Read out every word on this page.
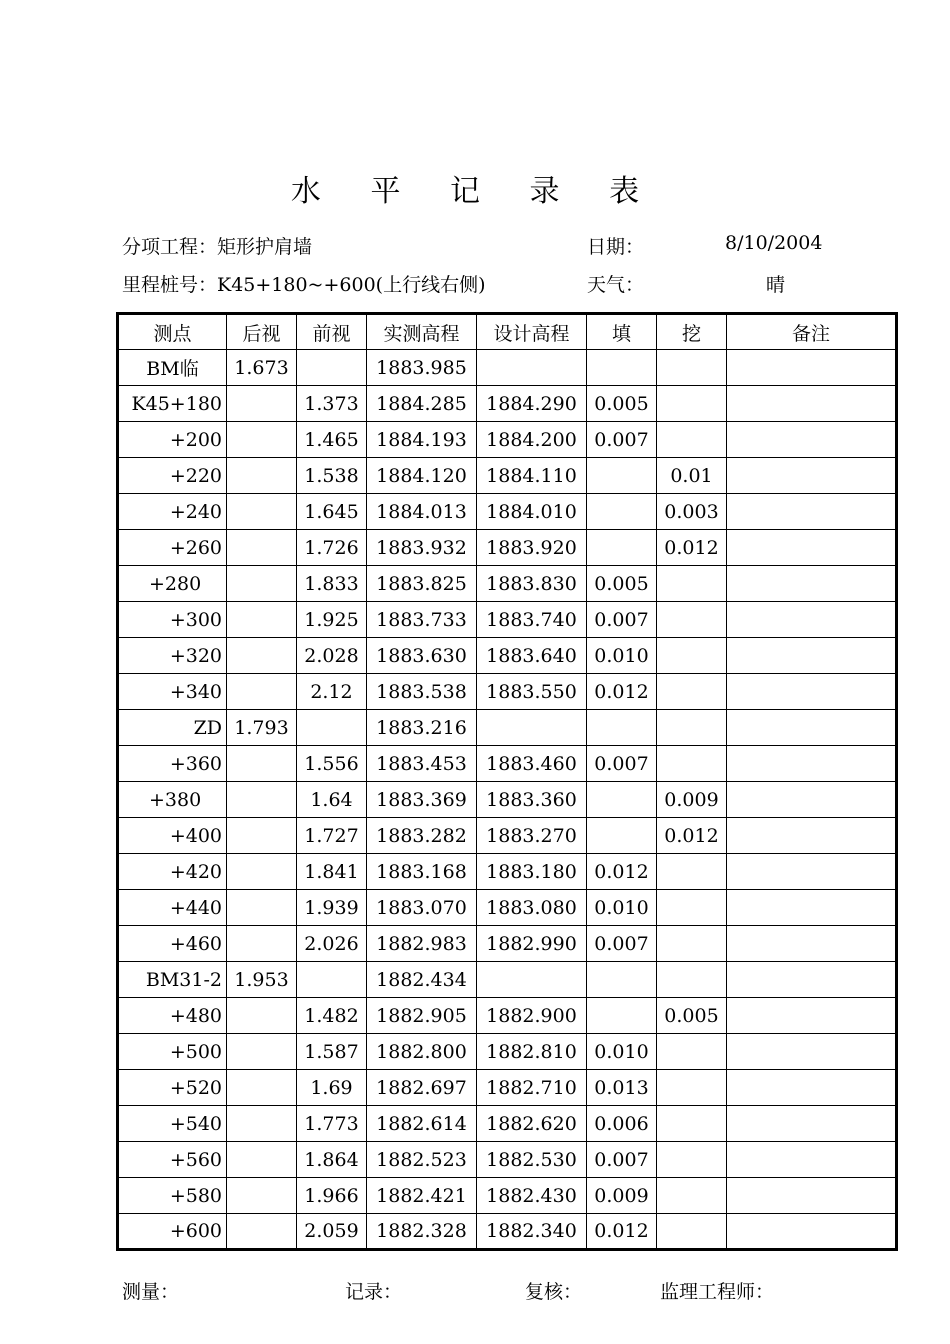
水 平 记 录 表
分项工程：矩形护肩墙	日期：	8/10/2004
里程桩号：K45+180~+600(上行线右侧)	天气：	晴
测点	后视	前视	实测高程	设计高程	填	挖	备注
BM临	1.673		1883.985				
K45+180		1.373	1884.285	1884.290	0.005		
+200		1.465	1884.193	1884.200	0.007		
+220		1.538	1884.120	1884.110		0.01	
+240		1.645	1884.013	1884.010		0.003	
+260		1.726	1883.932	1883.920		0.012	
+280		1.833	1883.825	1883.830	0.005		
+300		1.925	1883.733	1883.740	0.007		
+320		2.028	1883.630	1883.640	0.010		
+340		2.12	1883.538	1883.550	0.012		
ZD	1.793		1883.216				
+360		1.556	1883.453	1883.460	0.007		
+380		1.64	1883.369	1883.360		0.009	
+400		1.727	1883.282	1883.270		0.012	
+420		1.841	1883.168	1883.180	0.012		
+440		1.939	1883.070	1883.080	0.010		
+460		2.026	1882.983	1882.990	0.007		
BM31-2	1.953		1882.434				
+480		1.482	1882.905	1882.900		0.005	
+500		1.587	1882.800	1882.810	0.010		
+520		1.69	1882.697	1882.710	0.013		
+540		1.773	1882.614	1882.620	0.006		
+560		1.864	1882.523	1882.530	0.007		
+580		1.966	1882.421	1882.430	0.009		
+600		2.059	1882.328	1882.340	0.012		
测量：	记录：	复核：	监理工程师：
